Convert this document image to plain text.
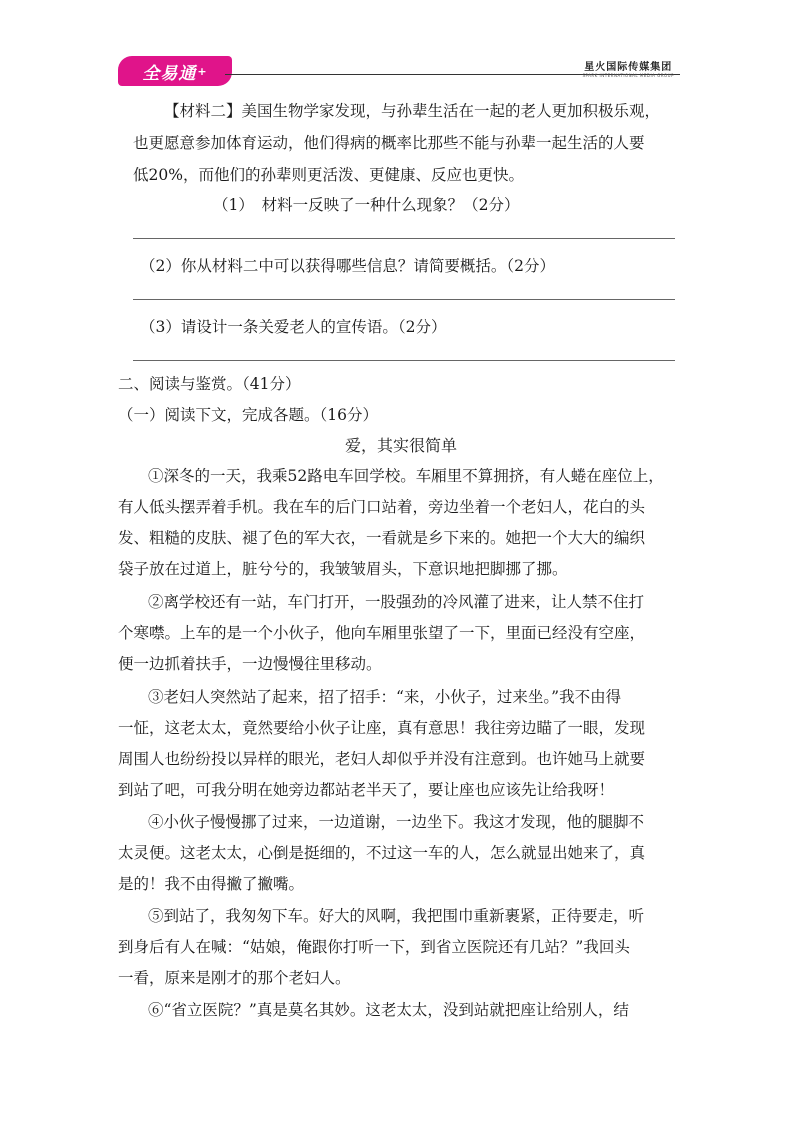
全易通 +	星火国际传媒集团
SPARK INTERNATIONAL MEDIA GROUP
【材料二】美国生物学家发现，与孙辈生活在一起的老人更加积极乐观，
也更愿意参加体育运动，他们得病的概率比那些不能与孙辈一起生活的人要
低20%，而他们的孙辈则更活泼、更健康、反应也更快。
（1）　材料一反映了一种什么现象？（2分）
（2）你从材料二中可以获得哪些信息？请简要概括。（2分）
（3）请设计一条关爱老人的宣传语。（2分）
二、阅读与鉴赏。（41分）
（一）阅读下文，完成各题。（16分）
爱，其实很简单
①深冬的一天，我乘52路电车回学校。车厢里不算拥挤，有人蜷在座位上，
有人低头摆弄着手机。我在车的后门口站着，旁边坐着一个老妇人，花白的头
发、粗糙的皮肤、褪了色的军大衣，一看就是乡下来的。她把一个大大的编织
袋子放在过道上，脏兮兮的，我皱皱眉头，下意识地把脚挪了挪。
②离学校还有一站，车门打开，一股强劲的冷风灌了进来，让人禁不住打
个寒噤。上车的是一个小伙子，他向车厢里张望了一下，里面已经没有空座，
便一边抓着扶手，一边慢慢往里移动。
③老妇人突然站了起来，招了招手：“来，小伙子，过来坐。”我不由得
一怔，这老太太，竟然要给小伙子让座，真有意思！我往旁边瞄了一眼，发现
周围人也纷纷投以异样的眼光，老妇人却似乎并没有注意到。也许她马上就要
到站了吧，可我分明在她旁边都站老半天了，要让座也应该先让给我呀！
④小伙子慢慢挪了过来，一边道谢，一边坐下。我这才发现，他的腿脚不
太灵便。这老太太，心倒是挺细的，不过这一车的人，怎么就显出她来了，真
是的！我不由得撇了撇嘴。
⑤到站了，我匆匆下车。好大的风啊，我把围巾重新裹紧，正待要走，听
到身后有人在喊：“姑娘，俺跟你打听一下，到省立医院还有几站？”我回头
一看，原来是刚才的那个老妇人。
⑥“省立医院？”真是莫名其妙。这老太太，没到站就把座让给别人，结
